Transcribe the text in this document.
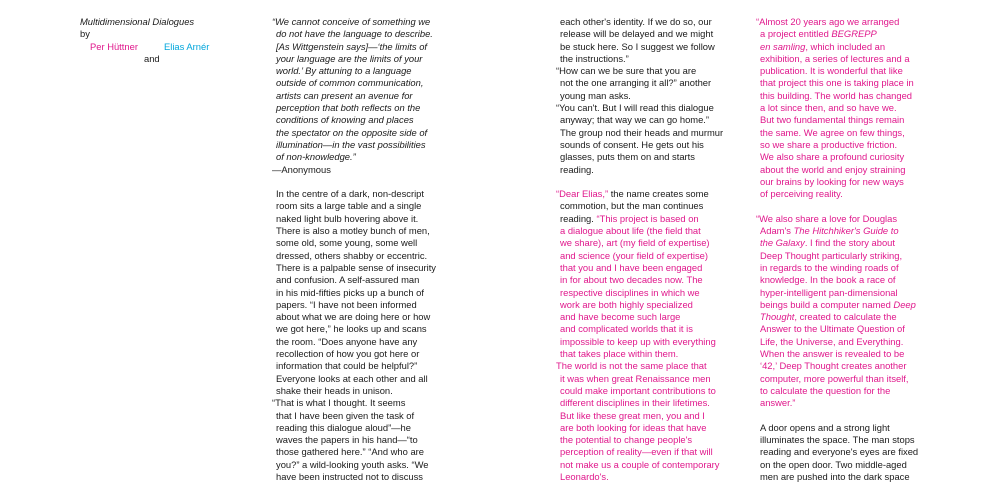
Multidimensional Dialogues
by
Per Hüttner	Elias Arnér
and
“We cannot conceive of something we
do not have the language to describe.
[As Wittgenstein says]—‘the limits of
your language are the limits of your
world.’ By attuning to a language
outside of common communication,
artists can present an avenue for
perception that both reflects on the
conditions of knowing and places
the spectator on the opposite side of
illumination—in the vast possibilities
of non-knowledge.”
—Anonymous
In the centre of a dark, non-descript
room sits a large table and a single
naked light bulb hovering above it.
There is also a motley bunch of men,
some old, some young, some well
dressed, others shabby or eccentric.
There is a palpable sense of insecurity
and confusion. A self-assured man
in his mid-fifties picks up a bunch of
papers. “I have not been informed
about what we are doing here or how
we got here,” he looks up and scans
the room. “Does anyone have any
recollection of how you got here or
information that could be helpful?”
Everyone looks at each other and all
shake their heads in unison.
“That is what I thought. It seems
that I have been given the task of
reading this dialogue aloud”—he
waves the papers in his hand—“to
those gathered here.” “And who are
you?” a wild-looking youth asks. “We
have been instructed not to discuss
each other's identity. If we do so, our
release will be delayed and we might
be stuck here. So I suggest we follow
the instructions.”
“How can we be sure that you are
not the one arranging it all?” another
young man asks.
“You can't. But I will read this dialogue
anyway; that way we can go home.”
The group nod their heads and murmur
sounds of consent. He gets out his
glasses, puts them on and starts
reading.
“Dear Elias,” the name creates some
commotion, but the man continues
reading. “This project is based on
a dialogue about life (the field that
we share), art (my field of expertise)
and science (your field of expertise)
that you and I have been engaged
in for about two decades now. The
respective disciplines in which we
work are both highly specialized
and have become such large
and complicated worlds that it is
impossible to keep up with everything
that takes place within them.
The world is not the same place that
it was when great Renaissance men
could make important contributions to
different disciplines in their lifetimes.
But like these great men, you and I
are both looking for ideas that have
the potential to change people's
perception of reality—even if that will
not make us a couple of contemporary
Leonardo's.
“Almost 20 years ago we arranged
a project entitled BEGREPP
en samling, which included an
exhibition, a series of lectures and a
publication. It is wonderful that like
that project this one is taking place in
this building. The world has changed
a lot since then, and so have we.
But two fundamental things remain
the same. We agree on few things,
so we share a productive friction.
We also share a profound curiosity
about the world and enjoy straining
our brains by looking for new ways
of perceiving reality.
“We also share a love for Douglas
Adam's The Hitchhiker's Guide to
the Galaxy. I find the story about
Deep Thought particularly striking,
in regards to the winding roads of
knowledge. In the book a race of
hyper-intelligent pan-dimensional
beings build a computer named Deep
Thought, created to calculate the
Answer to the Ultimate Question of
Life, the Universe, and Everything.
When the answer is revealed to be
‘42,’ Deep Thought creates another
computer, more powerful than itself,
to calculate the question for the
answer.”
A door opens and a strong light
illuminates the space. The man stops
reading and everyone's eyes are fixed
on the open door. Two middle-aged
men are pushed into the dark space
